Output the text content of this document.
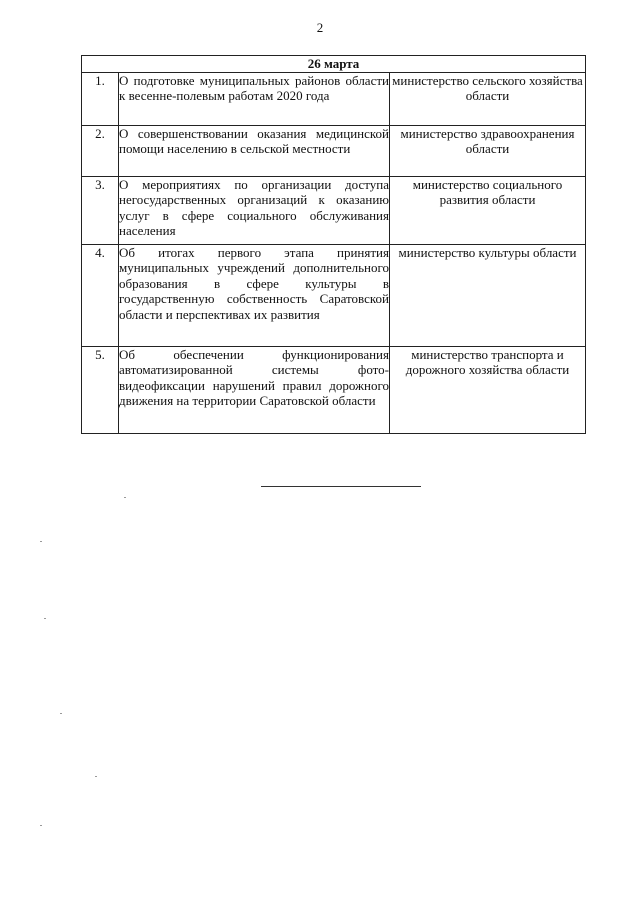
2
26 марта		
1.	О подготовке муниципальных районов области к весенне-полевым работам 2020 года	министерство сельского хозяйства области
2.	О совершенствовании оказания медицинской помощи населению в сельской местности	министерство здравоохранения области
3.	О мероприятиях по организации доступа негосударственных организаций к оказанию услуг в сфере социального обслуживания населения	министерство социального развития области
4.	Об итогах первого этапа принятия муниципальных учреждений дополнительного образования в сфере культуры в государственную собственность Саратовской области и перспективах их развития	министерство культуры области
5.	Об обеспечении функционирования автоматизированной системы фото-видеофиксации нарушений правил дорожного движения на территории Саратовской области	министерство транспорта и дорожного хозяйства области
